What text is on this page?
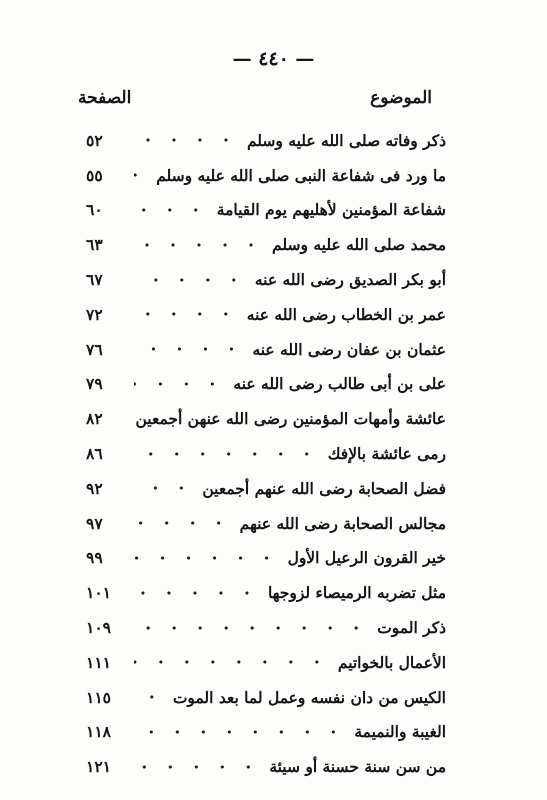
— ٤٤٠ —
الموضوع
الصفحة
ذكر وفاته صلى الله عليه وسلم
٥٢
ما ورد فى شفاعة النبى صلى الله عليه وسلم
٥٥
شفاعة المؤمنين لأهليهم يوم القيامة
٦٠
محمد صلى الله عليه وسلم
٦٣
أبو بكر الصديق رضى الله عنه
٦٧
عمر بن الخطاب رضى الله عنه
٧٢
عثمان بن عفان رضى الله عنه
٧٦
على بن أبى طالب رضى الله عنه
٧٩
عائشة وأمهات المؤمنين رضى الله عنهن أجمعين
٨٢
رمى عائشة بالإفك
٨٦
فضل الصحابة رضى الله عنهم أجمعين
٩٢
مجالس الصحابة رضى الله عنهم
٩٧
خير القرون الرعيل الأول
٩٩
مثل تضربه الرميصاء لزوجها
١٠١
ذكر الموت
١٠٩
الأعمال بالخواتيم
١١١
الكيس من دان نفسه وعمل لما بعد الموت
١١٥
الغيبة والنميمة
١١٨
من سن سنة حسنة أو سيئة
١٢١
